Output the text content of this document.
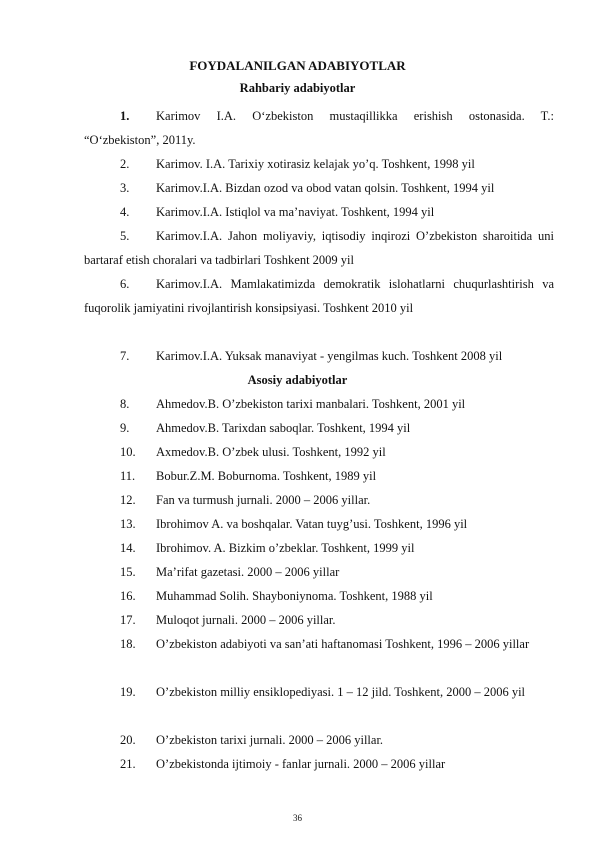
FOYDALANILGAN ADABIYOTLAR
Rahbariy adabiyotlar
1.	Karimov I.A. O‘zbekiston mustaqillikka erishish ostonasida. T.: “O‘zbekiston”, 2011y.
2.	Karimov. I.A. Tarixiy xotirasiz kelajak yo’q. Toshkent, 1998 yil
3.	Karimov.I.A. Bizdan ozod va obod vatan qolsin. Toshkent, 1994 yil
4.	Karimov.I.A. Istiqlol va ma’naviyat. Toshkent, 1994 yil
5.	Karimov.I.A. Jahon moliyaviy, iqtisodiy inqirozi O’zbekiston sharoitida uni bartaraf etish choralari va tadbirlari Toshkent 2009 yil
6.	Karimov.I.A. Mamlakatimizda demokratik islohatlarni chuqurlashtirish va fuqorolik jamiyatini rivojlantirish konsipsiyasi. Toshkent 2010 yil
7.	Karimov.I.A. Yuksak manaviyat - yengilmas kuch. Toshkent 2008 yil
Asosiy adabiyotlar
8.	Ahmedov.B. O’zbekiston tarixi manbalari. Toshkent, 2001 yil
9.	Ahmedov.B. Tarixdan saboqlar. Toshkent, 1994 yil
10.	Axmedov.B. O’zbek ulusi. Toshkent, 1992 yil
11.	Bobur.Z.M. Boburnoma. Toshkent, 1989 yil
12.	Fan va turmush jurnali. 2000 – 2006 yillar.
13.	Ibrohimov A. va boshqalar. Vatan tuyg’usi. Toshkent, 1996 yil
14.	Ibrohimov. A. Bizkim o’zbeklar. Toshkent, 1999 yil
15.	Ma’rifat gazetasi. 2000 – 2006 yillar
16.	Muhammad Solih. Shayboniynoma. Toshkent, 1988 yil
17.	Muloqot jurnali. 2000 – 2006 yillar.
18.	O’zbekiston adabiyoti va san’ati haftanomasi Toshkent, 1996 – 2006 yillar
19.	O’zbekiston milliy ensiklopediyasi. 1 – 12 jild. Toshkent, 2000 – 2006 yil
20.	O’zbekiston tarixi jurnali. 2000 – 2006 yillar.
21.	O’zbekistonda ijtimoiy - fanlar jurnali. 2000 – 2006 yillar
36
